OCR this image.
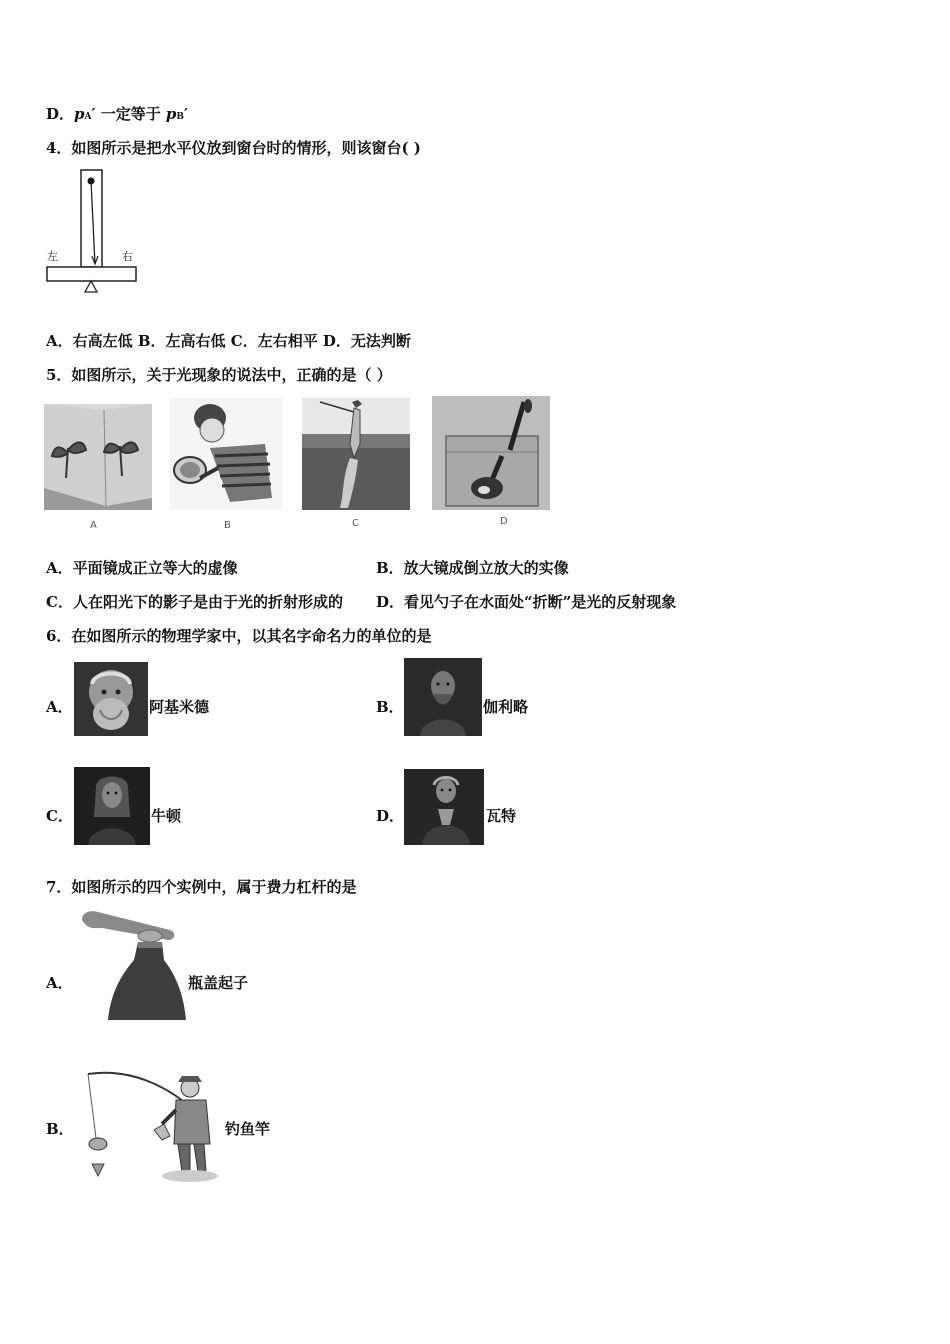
D．pA′ 一定等于 pB′
4．如图所示是把水平仪放到窗台时的情形，则该窗台( )
左	右
A．右高左低 B．左高右低 C．左右相平 D．无法判断
5．如图所示，关于光现象的说法中，正确的是（ ）
A	B	C	D
A．平面镜成正立等大的虚像	B．放大镜成倒立放大的实像
C．人在阳光下的影子是由于光的折射形成的 D．看见勺子在水面处“折断”是光的反射现象
6．在如图所示的物理学家中，以其名字命名力的单位的是
A．	阿基米德	B．	伽利略
C．	牛顿	D．	瓦特
7．如图所示的四个实例中，属于费力杠杆的是
A．	瓶盖起子
B．	钓鱼竿
